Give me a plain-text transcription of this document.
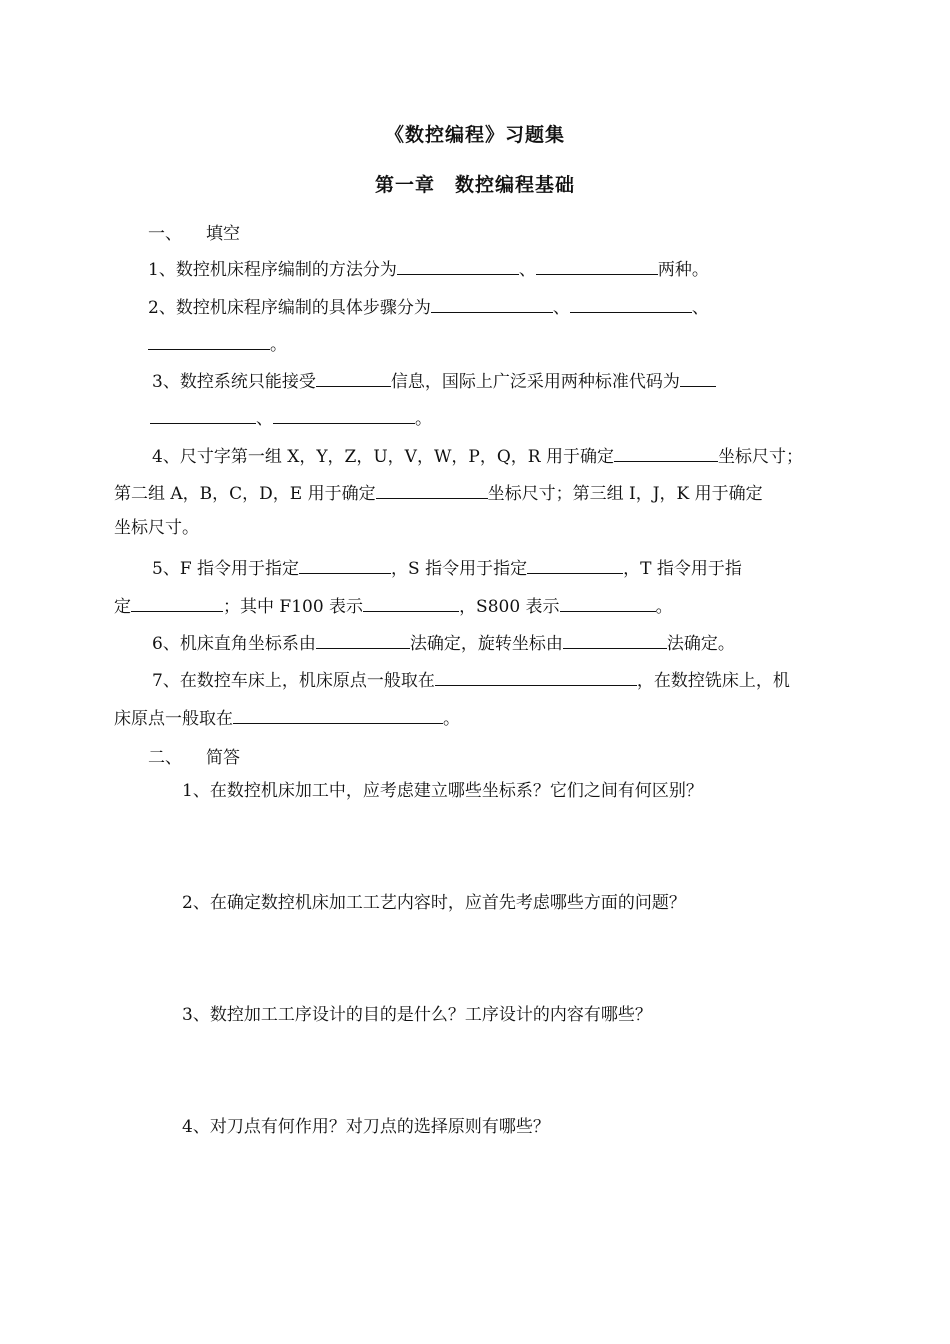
《数控编程》习题集
第一章　数控编程基础
一、 填空
1、数控机床程序编制的方法分为	、	两种。
2、数控机床程序编制的具体步骤分为	、	、
。
3、数控系统只能接受	信息，国际上广泛采用两种标准代码为
、	。
4、尺寸字第一组 X，Y，Z，U，V，W，P，Q，R 用于确定	坐标尺寸；
第二组 A，B，C，D，E 用于确定	坐标尺寸；第三组 I，J，K 用于确定
坐标尺寸。
5、F 指令用于指定	，S 指令用于指定	，T 指令用于指
定	；其中 F100 表示	，S800 表示	。
6、机床直角坐标系由	法确定，旋转坐标由	法确定。
7、在数控车床上，机床原点一般取在	，在数控铣床上，机
床原点一般取在	。
二、 简答
1、在数控机床加工中，应考虑建立哪些坐标系？它们之间有何区别？
2、在确定数控机床加工工艺内容时，应首先考虑哪些方面的问题？
3、数控加工工序设计的目的是什么？工序设计的内容有哪些？
4、对刀点有何作用？对刀点的选择原则有哪些？
